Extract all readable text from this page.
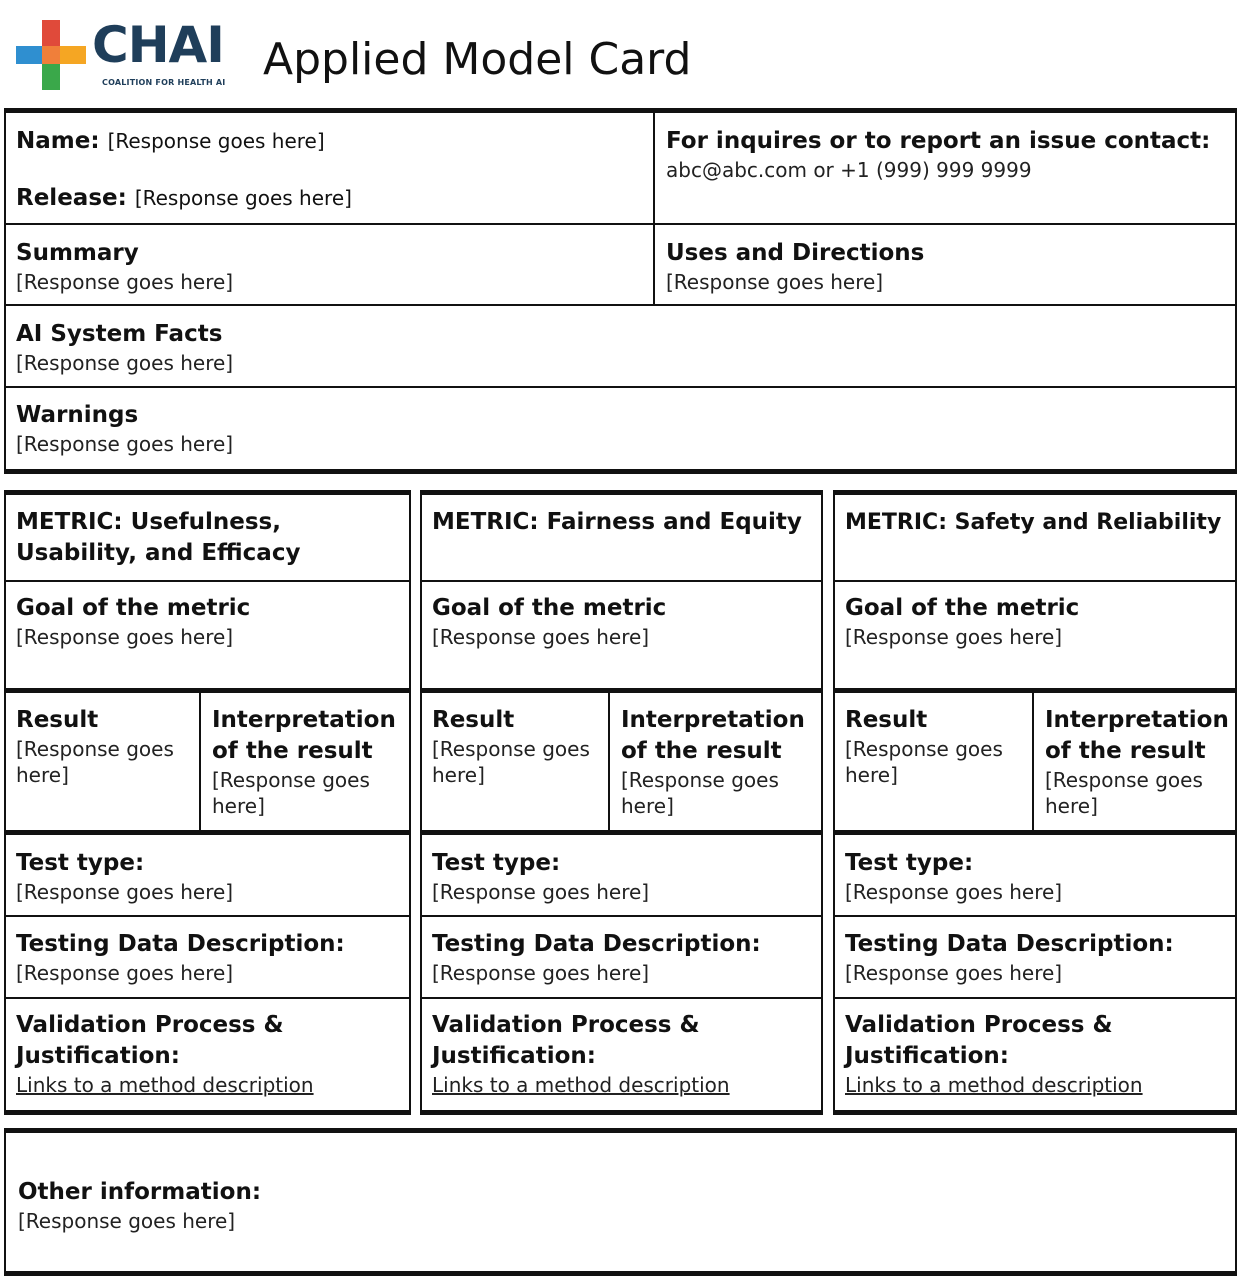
CHAI
COALITION FOR HEALTH AI Applied Model Card
Name: [Response goes here]
Release: [Response goes here]
For inquires or to report an issue contact:
abc@abc.com or +1 (999) 999 9999
Summary
[Response goes here]
Uses and Directions
[Response goes here]
AI System Facts
[Response goes here]
Warnings
[Response goes here]
METRIC: Usefulness, Usability, and Efficacy
Goal of the metric
[Response goes here]
Result
[Response goes here]
Interpretation of the result
[Response goes here]
Test type:
[Response goes here]
Testing Data Description:
[Response goes here]
Validation Process & Justification:
Links to a method description
METRIC: Fairness and Equity
Goal of the metric
[Response goes here]
Result
[Response goes here]
Interpretation of the result
[Response goes here]
Test type:
[Response goes here]
Testing Data Description:
[Response goes here]
Validation Process & Justification:
Links to a method description
METRIC: Safety and Reliability
Goal of the metric
[Response goes here]
Result
[Response goes here]
Interpretation of the result
[Response goes here]
Test type:
[Response goes here]
Testing Data Description:
[Response goes here]
Validation Process & Justification:
Links to a method description
Other information:
[Response goes here]
